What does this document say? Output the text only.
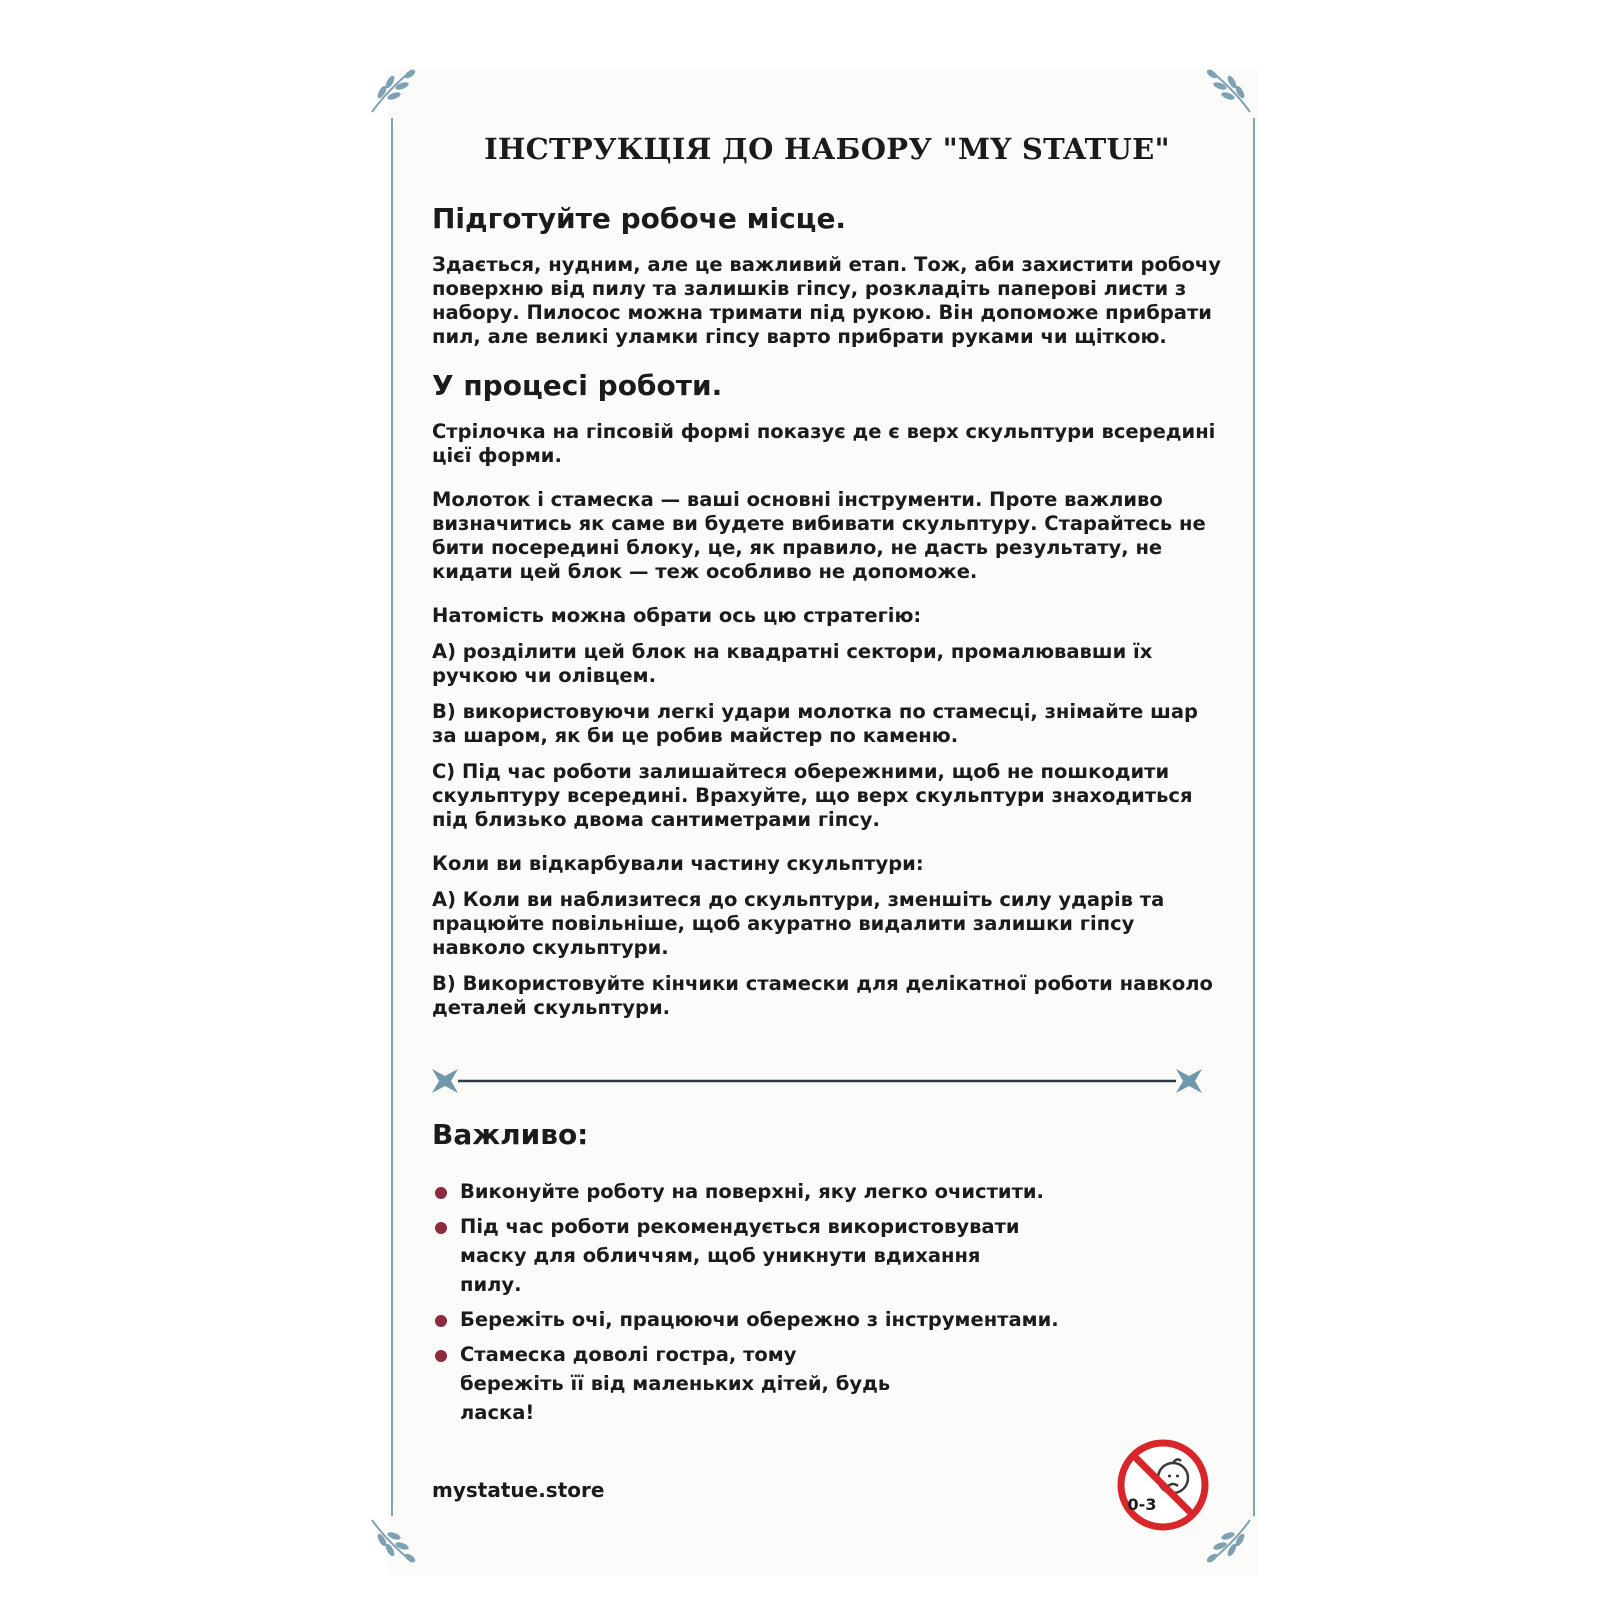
ІНСТРУКЦІЯ ДО НАБОРУ "MY STATUE"
Підготуйте робоче місце.

Здається, нудним, але це важливий етап. Тож, аби захистити робочу поверхню від пилу та залишків гіпсу, розкладіть паперові листи з набору. Пилосос можна тримати під рукою. Він допоможе прибрати пил, але великі уламки гіпсу варто прибрати руками чи щіткою.

У процесі роботи.

Стрілочка на гіпсовій формі показує де є верх скульптури всередині цієї форми.

Молоток і стамеска — ваші основні інструменти. Проте важливо визначитись як саме ви будете вибивати скульптуру. Старайтесь не бити посередині блоку, це, як правило, не дасть результату, не кидати цей блок — теж особливо не допоможе.

Натомість можна обрати ось цю стратегію:

A) розділити цей блок на квадратні сектори, промалювавши їх ручкою чи олівцем.

B) використовуючи легкі удари молотка по стамесці, знімайте шар за шаром, як би це робив майстер по каменю.

C) Під час роботи залишайтеся обережними, щоб не пошкодити скульптуру всередині. Врахуйте, що верх скульптури знаходиться під близько двома сантиметрами гіпсу.

Коли ви відкарбували частину скульптури:

A) Коли ви наблизитеся до скульптури, зменшіть силу ударів та працюйте повільніше, щоб акуратно видалити залишки гіпсу навколо скульптури.

B) Використовуйте кінчики стамески для делікатної роботи навколо деталей скульптури.

Важливо:
Виконуйте роботу на поверхні, яку легко очистити.
Під час роботи рекомендується використовувати маску для обличчям, щоб уникнути вдихання пилу.
Бережіть очі, працюючи обережно з інструментами.
Стамеска доволі гостра, тому бережіть її від маленьких дітей, будь ласка!
mystatue.store
0-3
